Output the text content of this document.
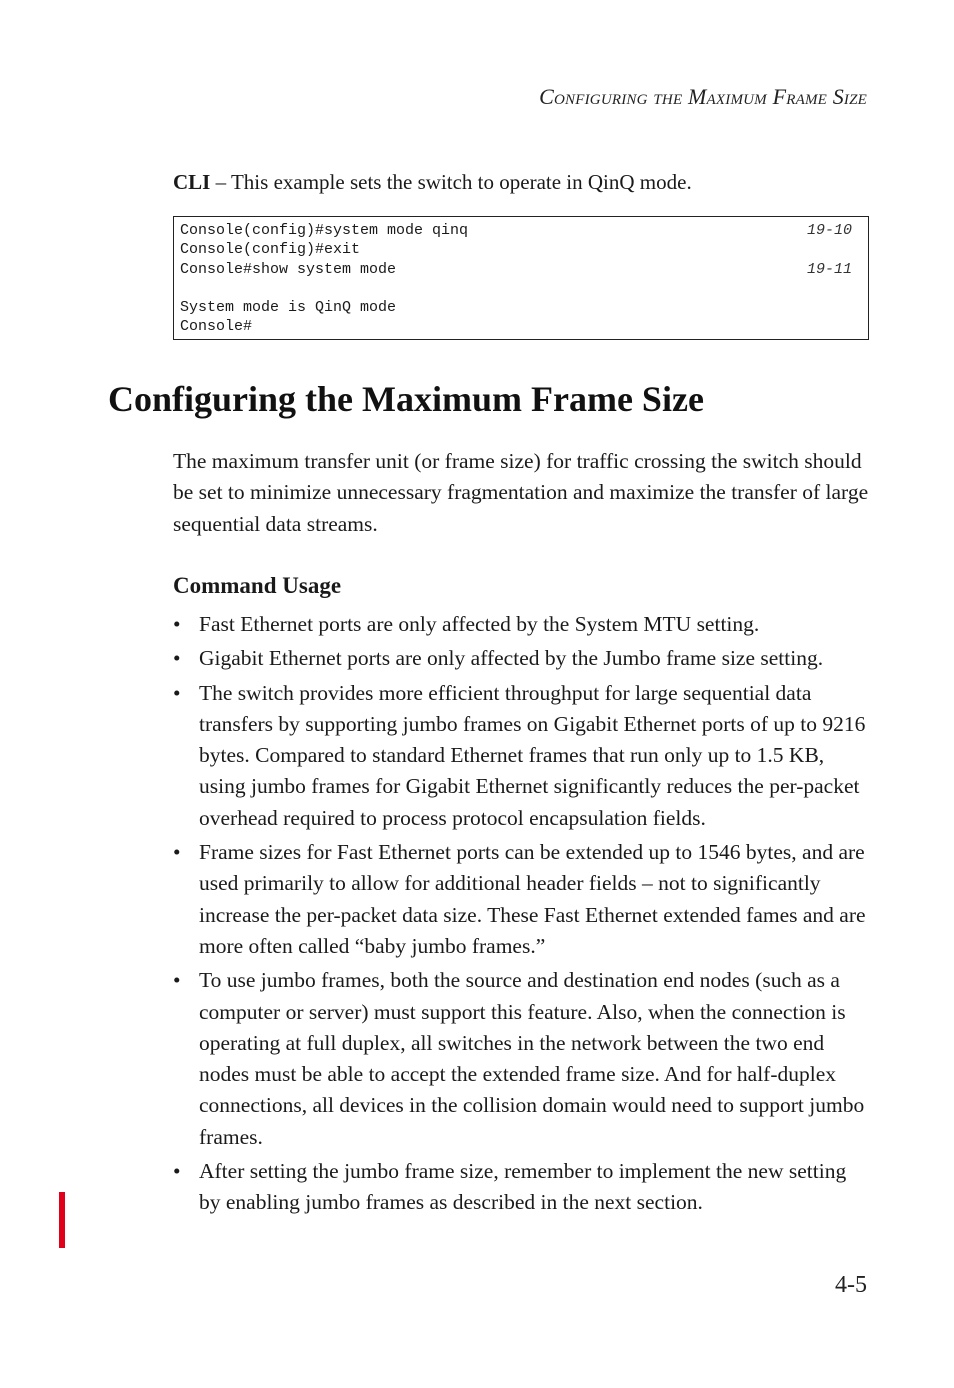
Configuring the Maximum Frame Size
CLI – This example sets the switch to operate in QinQ mode.
Console(config)#system mode qinq	19-10
Console(config)#exit
Console#show system mode	19-11
System mode is QinQ mode
Console#
Configuring the Maximum Frame Size

The maximum transfer unit (or frame size) for traffic crossing the switch should be set to minimize unnecessary fragmentation and maximize the transfer of large sequential data streams.

Command Usage
• Fast Ethernet ports are only affected by the System MTU setting.
• Gigabit Ethernet ports are only affected by the Jumbo frame size setting.
• The switch provides more efficient throughput for large sequential data transfers by supporting jumbo frames on Gigabit Ethernet ports of up to 9216 bytes. Compared to standard Ethernet frames that run only up to 1.5 KB, using jumbo frames for Gigabit Ethernet significantly reduces the per-packet overhead required to process protocol encapsulation fields.
• Frame sizes for Fast Ethernet ports can be extended up to 1546 bytes, and are used primarily to allow for additional header fields – not to significantly increase the per-packet data size. These Fast Ethernet extended fames and are more often called “baby jumbo frames.”
• To use jumbo frames, both the source and destination end nodes (such as a computer or server) must support this feature. Also, when the connection is operating at full duplex, all switches in the network between the two end nodes must be able to accept the extended frame size. And for half-duplex connections, all devices in the collision domain would need to support jumbo frames.
• After setting the jumbo frame size, remember to implement the new setting by enabling jumbo frames as described in the next section.
4-5
